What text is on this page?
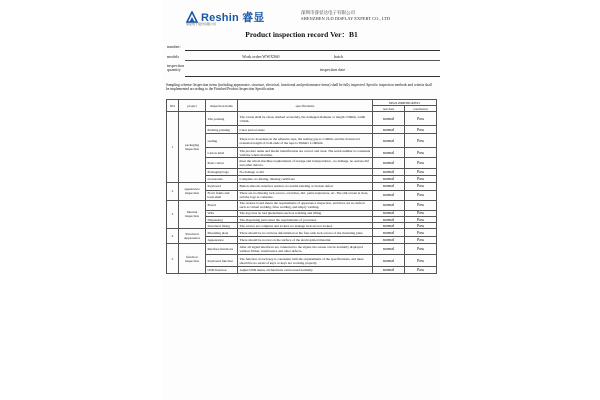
Reshin 睿显
睿显电子股份有限公司
深圳市睿显达电子有限公司
SHENZHEN JLD DISPLAY EXPERT CO., LTD
Product inspection record Ver：B1
number：
models	Work order:WWX560	batch
inspection quantity	inspection date
Sampling scheme: Inspection items (including appearance, structure, electrical, functional and performance items) shall be fully inspected. Specific inspection methods and criteria shall be implemented according to the Finished Product Inspection Specification
NO	project	Inspection items	specifications	MS2219RHJDGM3S3	
				test data	conclusion
1	packaging inspection	The packing	The carton shall be clean, marked accurately, the damaged diameter or length ≤50mm, width ≤5mm.	normal	Pass
		Packing printing	Clear and accurate	normal	Pass
		sealing	There is no looseness in the adhesive tape, the sealing gap is ≤10mm, and the downward extension length of both ends of the tape is 30mm≤ L≤90mm	normal	Pass
		Carton label	The product name and model identification are correct and clear. The serial number is consistent with the whole machine.	normal	Pass
		Pearl cotton	meet the whole machine requirements of storage and transportation , no damage, no serious dirt and other defects.	normal	Pass
		Packaging bags	No damage or dirt	normal	Pass
		accessories	Complete, no mixing, missing certificate	normal	Pass
2	appearance inspection	Keyboard	Button smooth, interface normal, no needle bending or broken defect	normal	Pass
		Front frame and back shell	There are no missing lock screws, scratches, dirt, paint explosions, etc. The silk screen is clear, and the logo is complete.	normal	Pass
3	Internal inspection	Board	The resistor board meets the requirements of appearance inspection, and there are no defects such as virtual welding, false welding, and empty welding.	normal	Pass
		Wire	The logo has no bad phenomena such as scalding and lifting	normal	Pass
		Dispensing	The dispensing parts meet the requirements of processes.	normal	Pass
		Structural fixing	The screws are complete and locked, no leakage lock are not locked.	normal	Pass
4	Structural Appearance	Mounting plate	There should be no obvious deformation at the four-side lock screws of the mounting plate	normal	Pass
		Appearance	There should be no rust on the surface of the electroplated material.	normal	Pass
5	function inspection	Interface functions	After all signal interfaces are connected to the signal, the screen can be normally displayed without flicker, interference and other defects.	normal	Pass
		Keyboard function	The function of each key is consistent with the requirements of the specifications, and there should be no series of keys or keys not working properly.	normal	Pass
		OSD function	Adjust OSD menu, all functions can be used normally	normal	Pass
